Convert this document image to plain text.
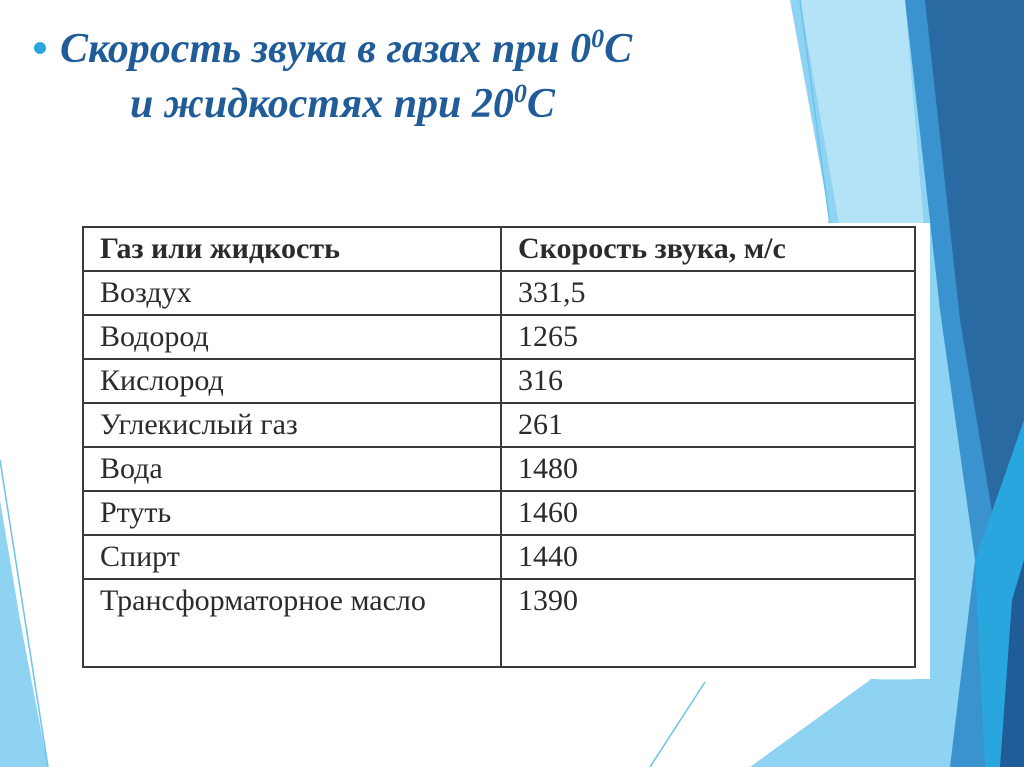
Скорость звука в газах при $0^0С$
и жидкостях при $20^0С$
Газ или жидкость	Скорость звука, м/с
Воздух	331,5
Водород	1265
Кислород	316
Углекислый газ	261
Вода	1480
Ртуть	1460
Спирт	1440
Трансформаторное масло	1390
